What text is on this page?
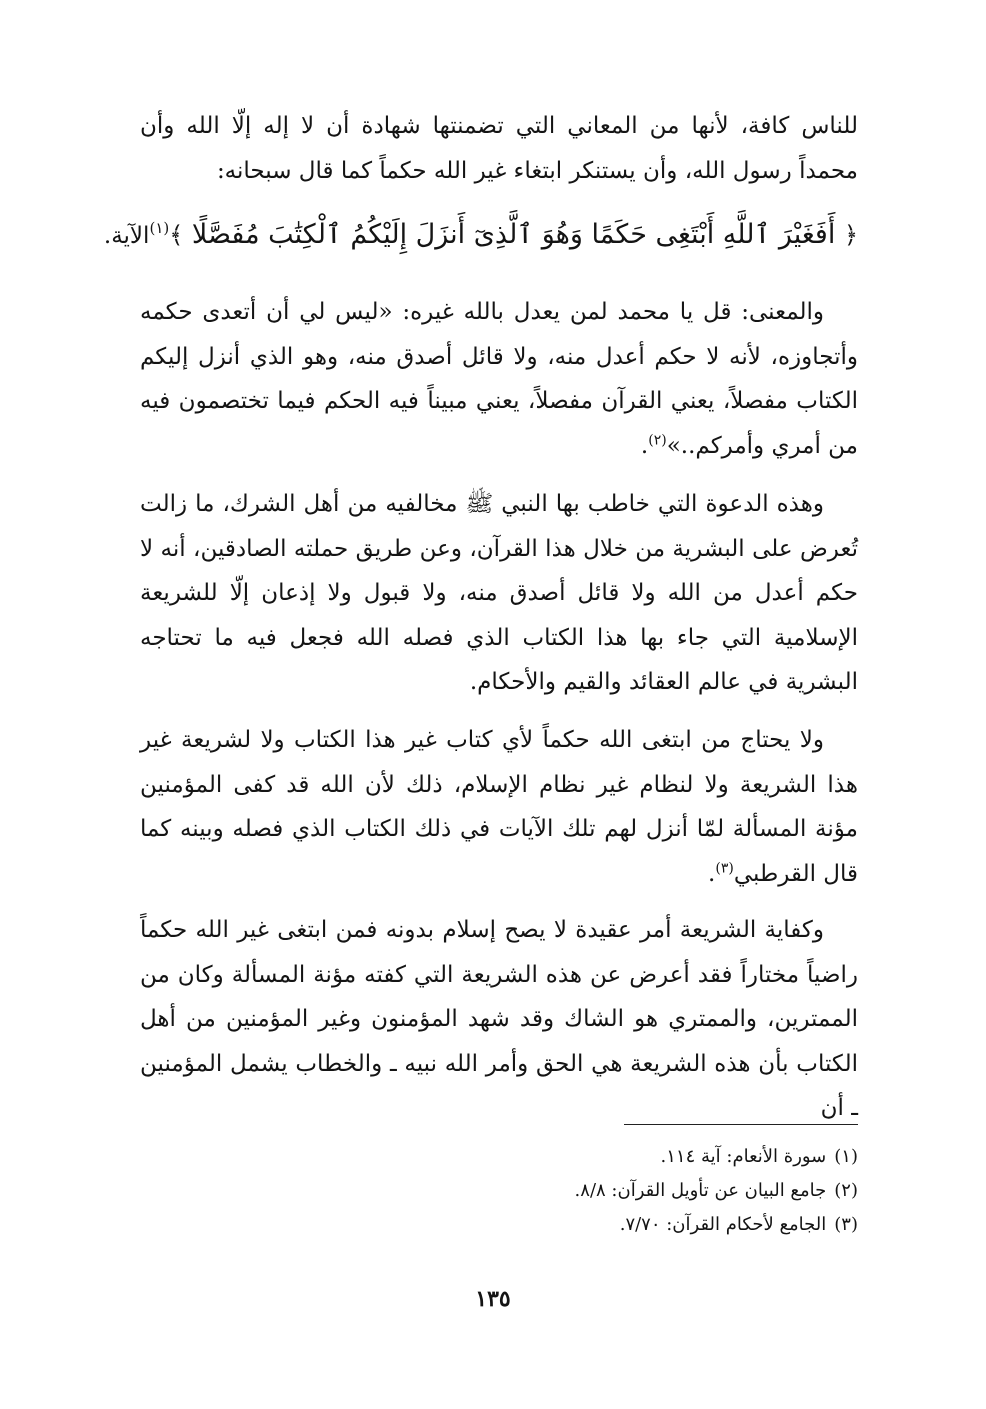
للناس كافة، لأنها من المعاني التي تضمنتها شهادة أن لا إله إلّا الله وأن محمداً رسول الله، وأن يستنكر ابتغاء غير الله حكماً كما قال سبحانه:

﴿ أَفَغَيْرَ ٱللَّهِ أَبْتَغِى حَكَمًا وَهُوَ ٱلَّذِىٓ أَنزَلَ إِلَيْكُمُ ٱلْكِتَٰبَ مُفَصَّلًا ﴾$^{(١)}$الآية.

والمعنى: قل يا محمد لمن يعدل بالله غيره: «ليس لي أن أتعدى حكمه وأتجاوزه، لأنه لا حكم أعدل منه، ولا قائل أصدق منه، وهو الذي أنزل إليكم الكتاب مفصلاً، يعني القرآن مفصلاً، يعني مبيناً فيه الحكم فيما تختصمون فيه من أمري وأمركم..»$^{(٢)}$.

وهذه الدعوة التي خاطب بها النبي ﷺ مخالفيه من أهل الشرك، ما زالت تُعرض على البشرية من خلال هذا القرآن، وعن طريق حملته الصادقين، أنه لا حكم أعدل من الله ولا قائل أصدق منه، ولا قبول ولا إذعان إلّا للشريعة الإسلامية التي جاء بها هذا الكتاب الذي فصله الله فجعل فيه ما تحتاجه البشرية في عالم العقائد والقيم والأحكام.

ولا يحتاج من ابتغى الله حكماً لأي كتاب غير هذا الكتاب ولا لشريعة غير هذا الشريعة ولا لنظام غير نظام الإسلام، ذلك لأن الله قد كفى المؤمنين مؤنة المسألة لمّا أنزل لهم تلك الآيات في ذلك الكتاب الذي فصله وبينه كما قال القرطبي$^{(٣)}$.

وكفاية الشريعة أمر عقيدة لا يصح إسلام بدونه فمن ابتغى غير الله حكماً راضياً مختاراً فقد أعرض عن هذه الشريعة التي كفته مؤنة المسألة وكان من الممترين، والممتري هو الشاك وقد شهد المؤمنون وغير المؤمنين من أهل الكتاب بأن هذه الشريعة هي الحق وأمر الله نبيه ـ والخطاب يشمل المؤمنين ـ أن

(١)سورة الأنعام: آية ١١٤.
(٢)جامع البيان عن تأويل القرآن: ٨/٨.
(٣)الجامع لأحكام القرآن: ٧/٧٠.
١٣٥
